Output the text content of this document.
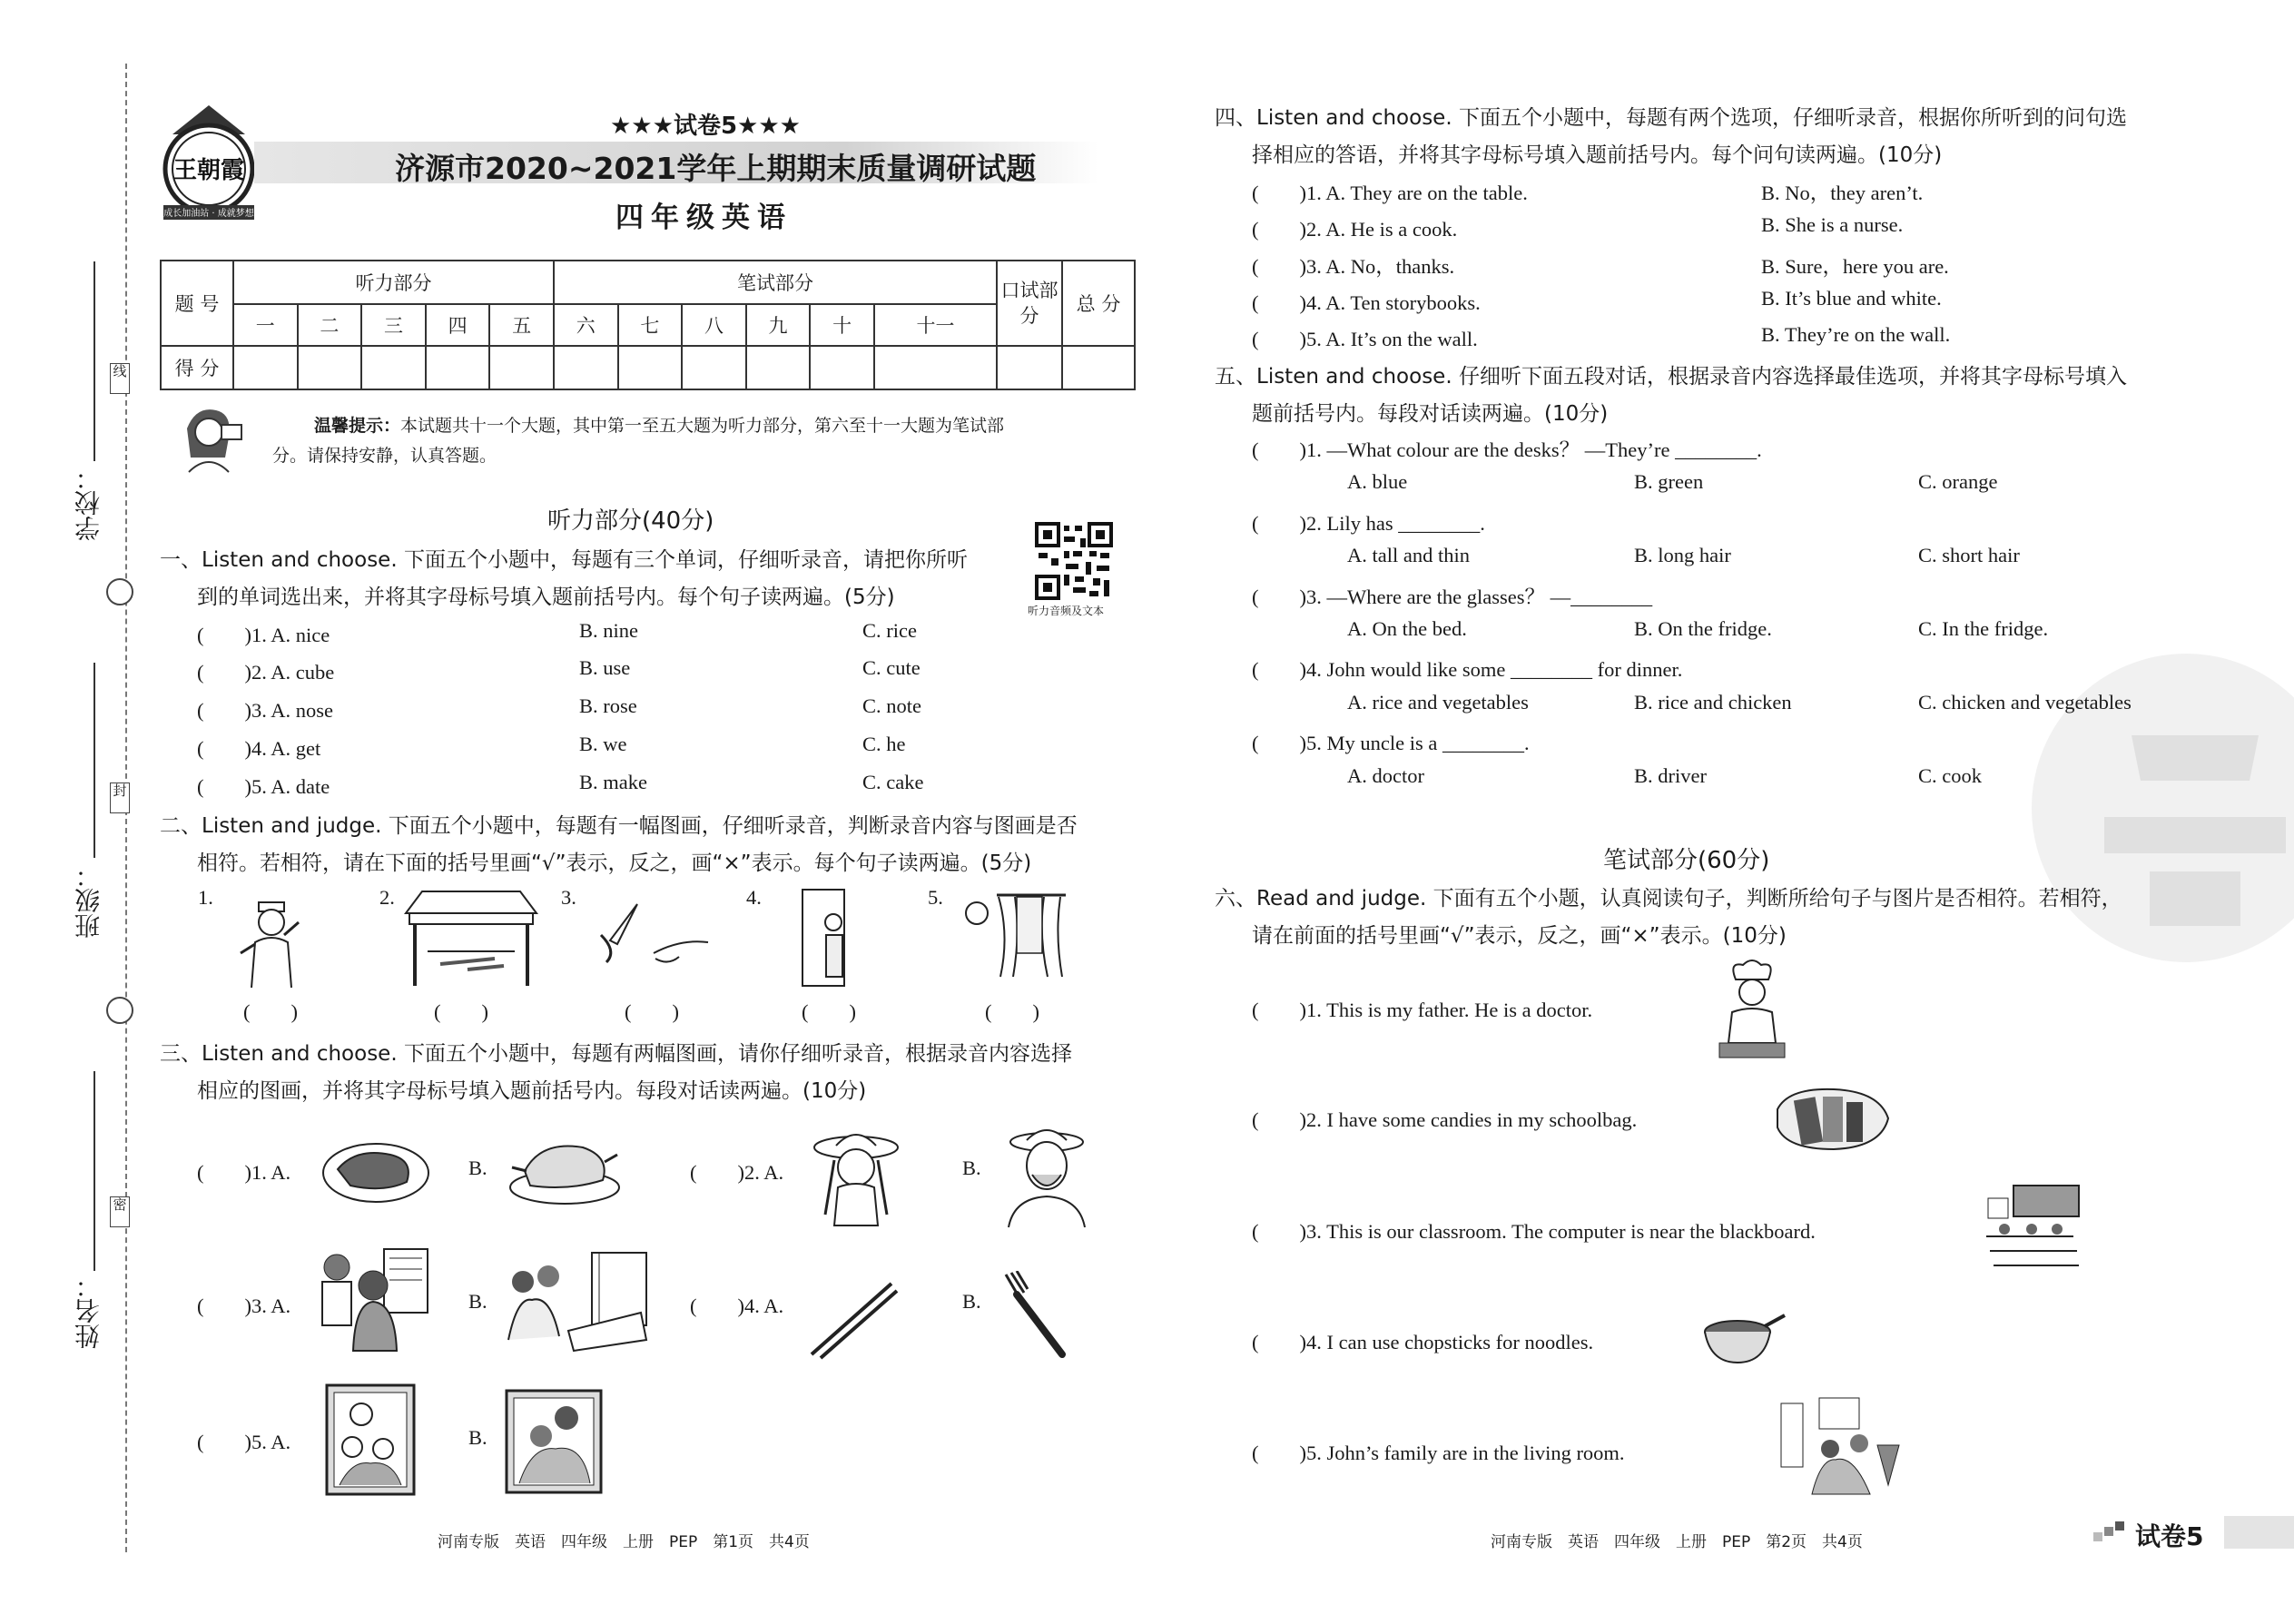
线
封
密
学校：
班级：
姓名：
王朝霞
成长加油站 · 成就梦想
★★★试卷5★★★
济源市2020~2021学年上期期末质量调研试题
四年级英语
题 号	听力部分					笔试部分						口试部分	总 分
	一	二	三	四	五	六	七	八	九	十	十一		
得 分													
温馨提示：本试题共十一个大题，其中第一至五大题为听力部分，第六至十一大题为笔试部
分。请保持安静，认真答题。
听力部分(40分)
听力音频及文本
一、Listen and choose. 下面五个小题中，每题有三个单词，仔细听录音，请把你所听
到的单词选出来，并将其字母标号填入题前括号内。每个句子读两遍。(5分)
(　　)1. A. nice	B. nine	C. rice
(　　)2. A. cube	B. use	C. cute
(　　)3. A. nose	B. rose	C. note
(　　)4. A. get	B. we	C. he
(　　)5. A. date	B. make	C. cake
二、Listen and judge. 下面五个小题中，每题有一幅图画，仔细听录音，判断录音内容与图画是否
相符。若相符，请在下面的括号里画“√”表示，反之，画“×”表示。每个句子读两遍。(5分)
1.	2.	3.	4.	5.
(　　)	(　　)	(　　)	(　　)	(　　)
三、Listen and choose. 下面五个小题中，每题有两幅图画，请你仔细听录音，根据录音内容选择
相应的图画，并将其字母标号填入题前括号内。每段对话读两遍。(10分)
(　　)1. A.	B.	(　　)2. A.	B.
(　　)3. A.	B.	(　　)4. A.	B.
(　　)5. A.	B.
河南专版　英语　四年级　上册　PEP　第1页　共4页
四、Listen and choose. 下面五个小题中，每题有两个选项，仔细听录音，根据你所听到的问句选
择相应的答语，并将其字母标号填入题前括号内。每个问句读两遍。(10分)
(　　)1. A. They are on the table.	B. No，they aren’t.
(　　)2. A. He is a cook.	B. She is a nurse.
(　　)3. A. No，thanks.	B. Sure，here you are.
(　　)4. A. Ten storybooks.	B. It’s blue and white.
(　　)5. A. It’s on the wall.	B. They’re on the wall.
五、Listen and choose. 仔细听下面五段对话，根据录音内容选择最佳选项，并将其字母标号填入
题前括号内。每段对话读两遍。(10分)
(　　)1. —What colour are the desks？ —They’re ________.
A. blue	B. green	C. orange
(　　)2. Lily has ________.
A. tall and thin	B. long hair	C. short hair
(　　)3. —Where are the glasses？ —________
A. On the bed.	B. On the fridge.	C. In the fridge.
(　　)4. John would like some ________ for dinner.
A. rice and vegetables	B. rice and chicken	C. chicken and vegetables
(　　)5. My uncle is a ________.
A. doctor	B. driver	C. cook
笔试部分(60分)
六、Read and judge. 下面有五个小题，认真阅读句子，判断所给句子与图片是否相符。若相符，
请在前面的括号里画“√”表示，反之，画“×”表示。(10分)
(　　)1. This is my father. He is a doctor.
(　　)2. I have some candies in my schoolbag.
(　　)3. This is our classroom. The computer is near the blackboard.
(　　)4. I can use chopsticks for noodles.
(　​　)5. John’s family are in the living room.
河南专版　英语　四年级　上册　PEP　第2页　共4页	试卷5
